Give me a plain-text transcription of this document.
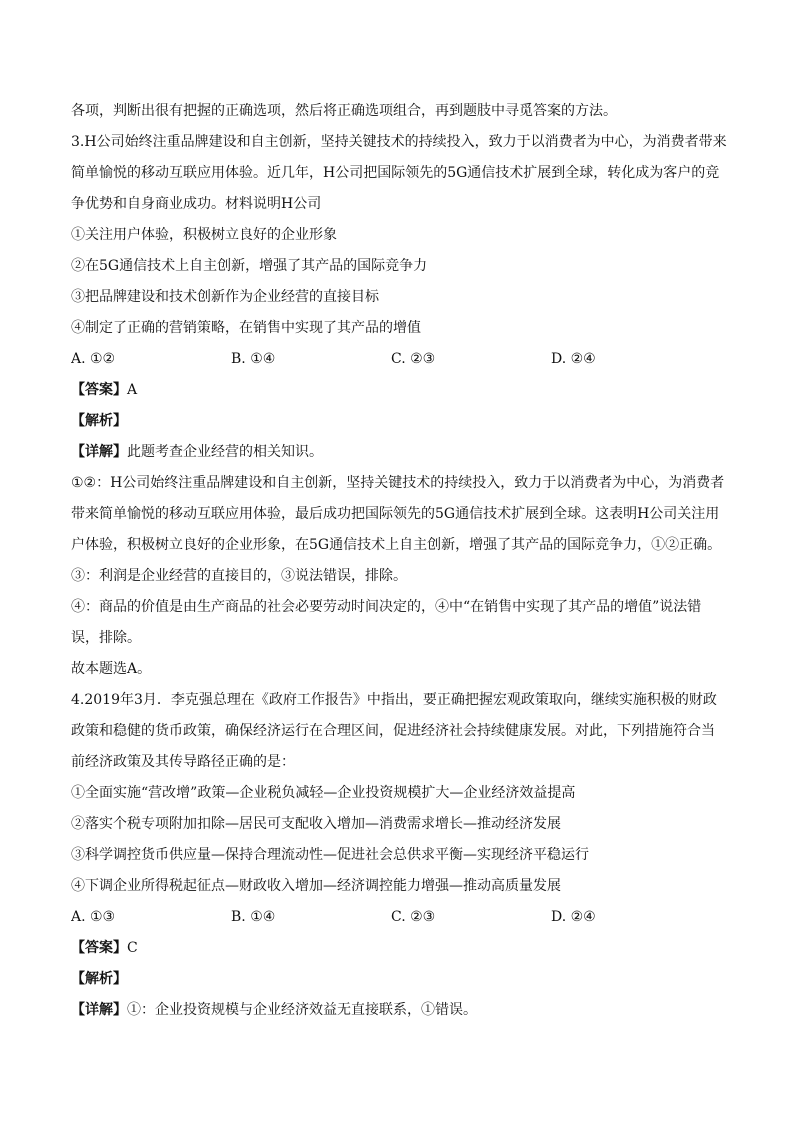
各项，判断出很有把握的正确选项，然后将正确选项组合，再到题肢中寻觅答案的方法。
3.H公司始终注重品牌建设和自主创新，坚持关键技术的持续投入，致力于以消费者为中心，为消费者带来
简单愉悦的移动互联应用体验。近几年，H公司把国际领先的5G通信技术扩展到全球，转化成为客户的竞
争优势和自身商业成功。材料说明H公司
①关注用户体验，积极树立良好的企业形象
②在5G通信技术上自主创新，增强了其产品的国际竞争力
③把品牌建设和技术创新作为企业经营的直接目标
④制定了正确的营销策略，在销售中实现了其产品的增值
A. ①②	B. ①④	C. ②③	D. ②④
【答案】A
【解析】
【详解】此题考查企业经营的相关知识。
①②：H公司始终注重品牌建设和自主创新，坚持关键技术的持续投入，致力于以消费者为中心，为消费者
带来简单愉悦的移动互联应用体验，最后成功把国际领先的5G通信技术扩展到全球。这表明H公司关注用
户体验，积极树立良好的企业形象，在5G通信技术上自主创新，增强了其产品的国际竞争力，①②正确。
③：利润是企业经营的直接目的，③说法错误，排除。
④：商品的价值是由生产商品的社会必要劳动时间决定的，④中“在销售中实现了其产品的增值”说法错
误，排除。
故本题选A。
4.2019年3月．李克强总理在《政府工作报告》中指出，要正确把握宏观政策取向，继续实施积极的财政
政策和稳健的货币政策，确保经济运行在合理区间，促进经济社会持续健康发展。对此，下列措施符合当
前经济政策及其传导路径正确的是：
①全面实施“营改增”政策—企业税负减轻—企业投资规模扩大—企业经济效益提高
②落实个税专项附加扣除—居民可支配收入增加—消费需求增长—推动经济发展
③科学调控货币供应量—保持合理流动性—促进社会总供求平衡—实现经济平稳运行
④下调企业所得税起征点—财政收入增加—经济调控能力增强—推动高质量发展
A. ①③	B. ①④	C. ②③	D. ②④
【答案】C
【解析】
【详解】①：企业投资规模与企业经济效益无直接联系，①错误。
